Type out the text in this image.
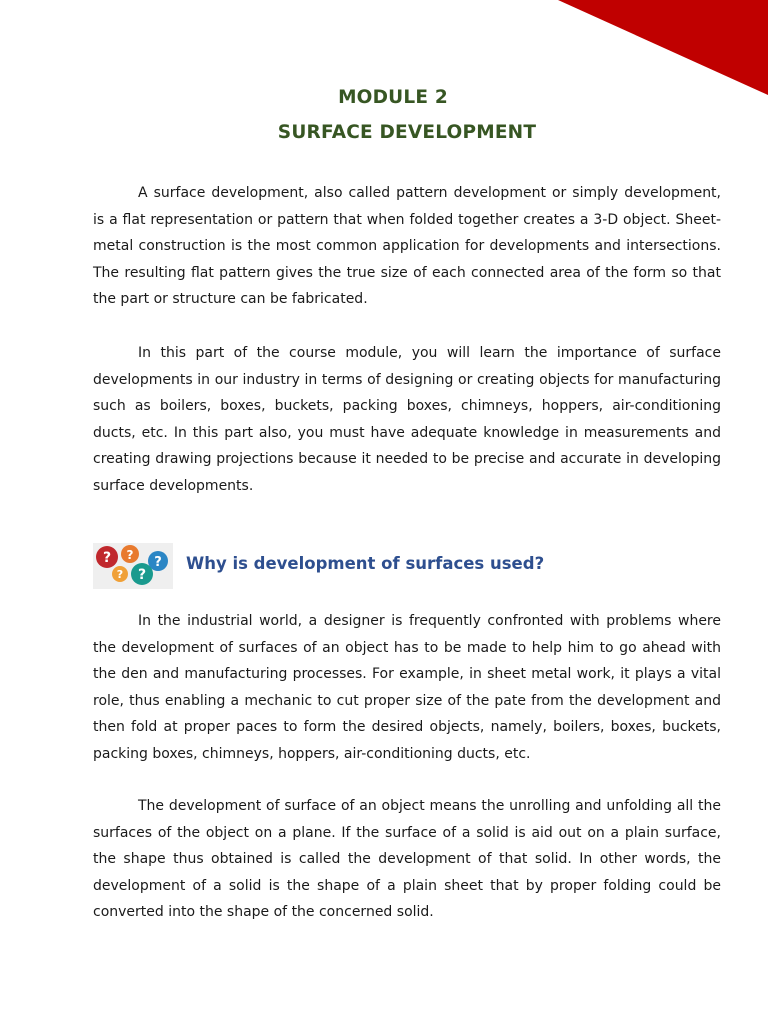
MODULE 2
SURFACE DEVELOPMENT

A surface development, also called pattern development or simply development, is a flat representation or pattern that when folded together creates a 3-D object. Sheet-metal construction is the most common application for developments and intersections. The resulting flat pattern gives the true size of each connected area of the form so that the part or structure can be fabricated.

In this part of the course module, you will learn the importance of surface developments in our industry in terms of designing or creating objects for manufacturing such as boilers, boxes, buckets, packing boxes, chimneys, hoppers, air-conditioning ducts, etc. In this part also, you must have adequate knowledge in measurements and creating drawing projections because it needed to be precise and accurate in developing surface developments.

? ? ?
? ?
Why is development of surfaces used?

In the industrial world, a designer is frequently confronted with problems where the development of surfaces of an object has to be made to help him to go ahead with the den and manufacturing processes. For example, in sheet metal work, it plays a vital role, thus enabling a mechanic to cut proper size of the pate from the development and then fold at proper paces to form the desired objects, namely, boilers, boxes, buckets, packing boxes, chimneys, hoppers, air-conditioning ducts, etc.

The development of surface of an object means the unrolling and unfolding all the surfaces of the object on a plane. If the surface of a solid is aid out on a plain surface, the shape thus obtained is called the development of that solid. In other words, the development of a solid is the shape of a plain sheet that by proper folding could be converted into the shape of the concerned solid.
